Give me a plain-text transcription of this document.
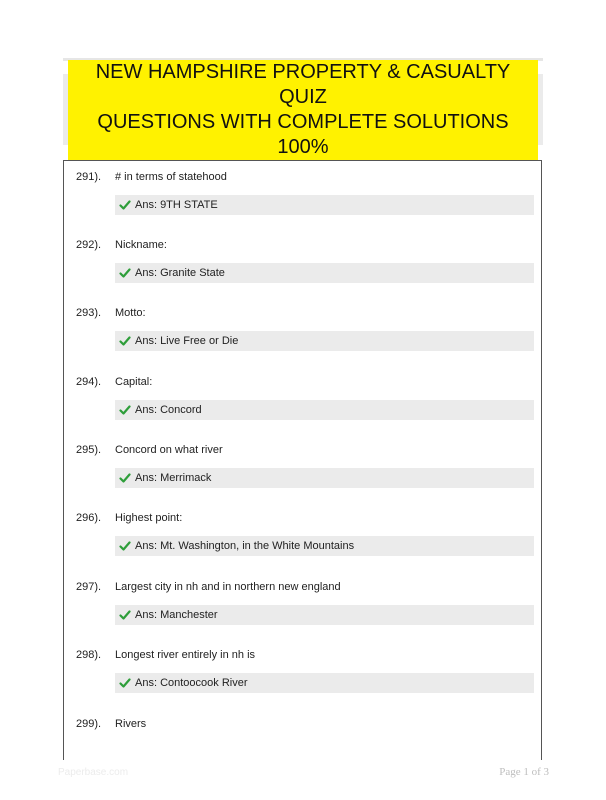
NEW HAMPSHIRE PROPERTY & CASUALTY QUIZ
QUESTIONS WITH COMPLETE SOLUTIONS 100%
291). # in terms of statehood
Ans: 9TH STATE
292). Nickname:
Ans: Granite State
293). Motto:
Ans: Live Free or Die
294). Capital:
Ans: Concord
295). Concord on what river
Ans: Merrimack
296). Highest point:
Ans: Mt. Washington, in the White Mountains
297). Largest city in nh and in northern new england
Ans: Manchester
298). Longest river entirely in nh is
Ans: Contoocook River
299). Rivers
Paperbase.com	Page 1 of 3
